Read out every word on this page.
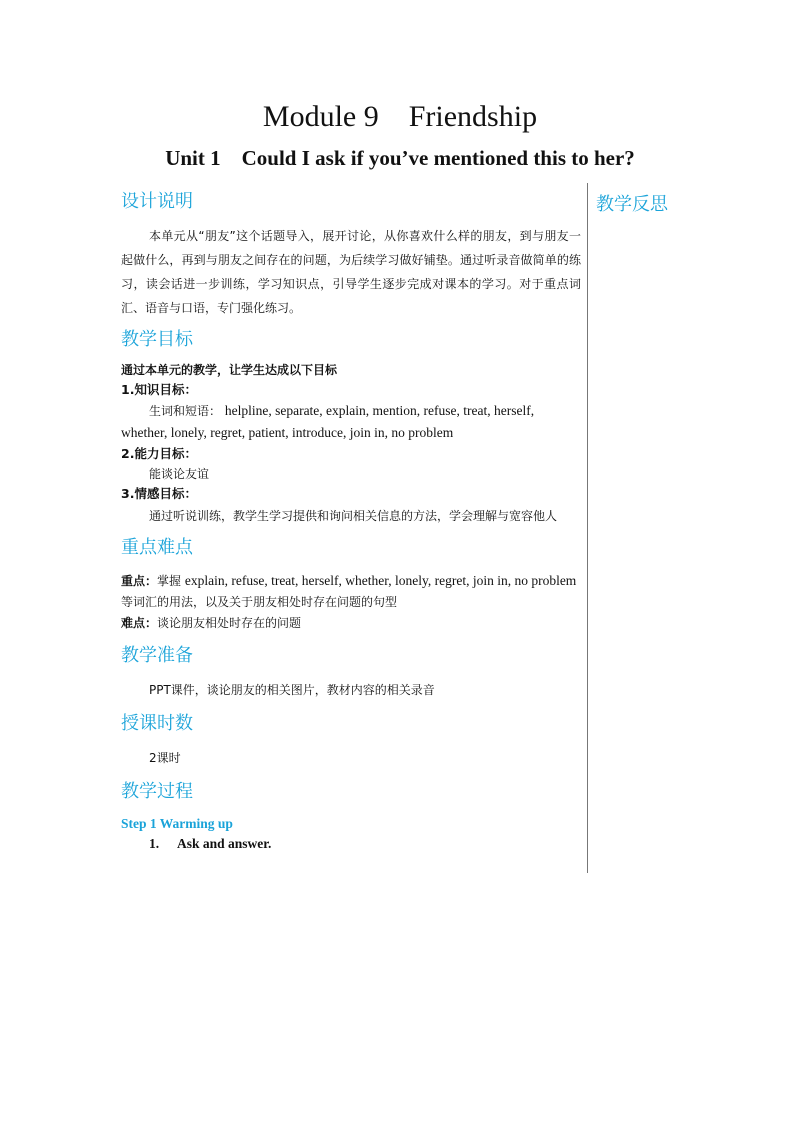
Module 9    Friendship
Unit 1    Could I ask if you’ve mentioned this to her?
教学反思
设计说明

本单元从“朋友”这个话题导入，展开讨论，从你喜欢什么样的朋友，到与朋友一起做什么，再到与朋友之间存在的问题，为后续学习做好铺垫。通过听录音做简单的练习，读会话进一步训练，学习知识点，引导学生逐步完成对课本的学习。对于重点词汇、语音与口语，专门强化练习。

教学目标

通过本单元的教学，让学生达成以下目标

1.知识目标：

生词和短语： helpline, separate, explain, mention, refuse, treat, herself, whether, lonely, regret, patient, introduce, join in, no problem

2.能力目标：

能谈论友谊

3.情感目标：

通过听说训练，教学生学习提供和询问相关信息的方法，学会理解与宽容他人

重点难点

重点：掌握 explain, refuse, treat, herself, whether, lonely, regret, join in, no problem 等词汇的用法，以及关于朋友相处时存在问题的句型

难点：谈论朋友相处时存在的问题

教学准备

PPT课件，谈论朋友的相关图片，教材内容的相关录音

授课时数

2课时

教学过程

Step 1 Warming up

1. Ask and answer.
